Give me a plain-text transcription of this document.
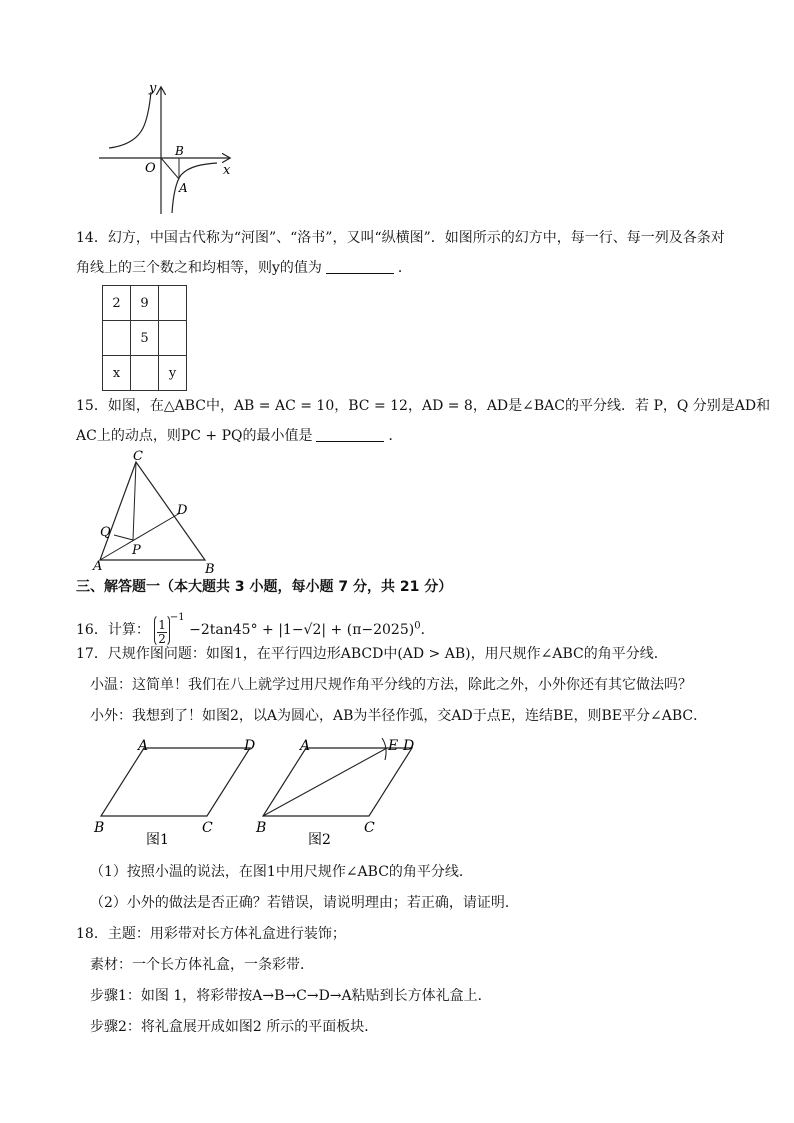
y
x
O
B
A
14．幻方，中国古代称为“河图”、“洛书”，又叫“纵横图”．如图所示的幻方中，每一行、每一列及各条对
角线上的三个数之和均相等，则y的值为	．
2	9	
	5	
x		y
15．如图，在△ABC中，AB = AC = 10，BC = 12，AD = 8，AD是∠BAC的平分线．若 P，Q 分别是AD和
AC上的动点，则PC + PQ的最小值是	．
C
D
Q
P
A	B
三、解答题一（本大题共 3 小题，每小题 7 分，共 21 分）
16．计算： $\frac{1}{2}$
$^{-1} -2\tan 45^\circ + |1-√2| + (\pi-2025)^0$．
17．尺规作图问题：如图1，在平行四边形ABCD中(AD > AB)，用尺规作∠ABC的角平分线．
小温：这简单！我们在八上就学过用尺规作角平分线的方法，除此之外，小外你还有其它做法吗？
小外：我想到了！如图2，以A为圆心，AB为半径作弧，交AD于点E，连结BE，则BE平分∠ABC．
A	D
B	C
图1
A	E D
B	C
图2
（1）按照小温的说法，在图1中用尺规作∠ABC的角平分线．
（2）小外的做法是否正确？若错误，请说明理由；若正确，请证明．
18．主题：用彩带对长方体礼盒进行装饰；
素材：一个长方体礼盒，一条彩带．
步骤1：如图 1，将彩带按A→B→C→D→A粘贴到长方体礼盒上．
步骤2：将礼盒展开成如图2 所示的平面板块．
